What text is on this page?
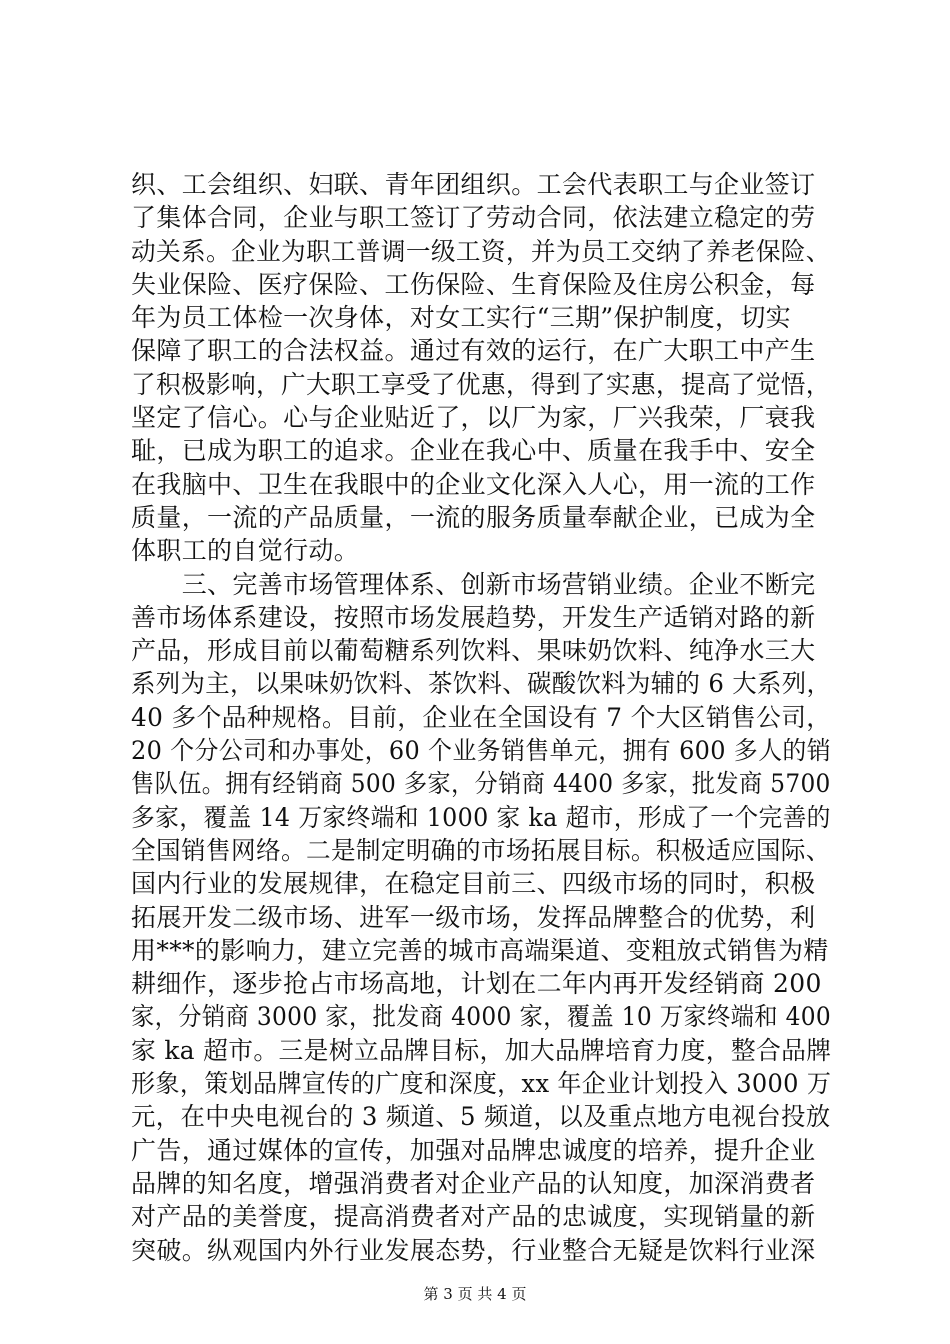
织、工会组织、妇联、青年团组织。工会代表职工与企业签订
了集体合同，企业与职工签订了劳动合同，依法建立稳定的劳
动关系。企业为职工普调一级工资，并为员工交纳了养老保险、
失业保险、医疗保险、工伤保险、生育保险及住房公积金，每
年为员工体检一次身体，对女工实行“三期”保护制度，切实
保障了职工的合法权益。通过有效的运行，在广大职工中产生
了积极影响，广大职工享受了优惠，得到了实惠，提高了觉悟，
坚定了信心。心与企业贴近了，以厂为家，厂兴我荣，厂衰我
耻，已成为职工的追求。企业在我心中、质量在我手中、安全
在我脑中、卫生在我眼中的企业文化深入人心，用一流的工作
质量，一流的产品质量，一流的服务质量奉献企业，已成为全
体职工的自觉行动。
　　三、完善市场管理体系、创新市场营销业绩。企业不断完
善市场体系建设，按照市场发展趋势，开发生产适销对路的新
产品，形成目前以葡萄糖系列饮料、果味奶饮料、纯净水三大
系列为主，以果味奶饮料、茶饮料、碳酸饮料为辅的 6 大系列，
40 多个品种规格。目前，企业在全国设有 7 个大区销售公司，
20 个分公司和办事处，60 个业务销售单元，拥有 600 多人的销
售队伍。拥有经销商 500 多家，分销商 4400 多家，批发商 5700
多家，覆盖 14 万家终端和 1000 家 ka 超市，形成了一个完善的
全国销售网络。二是制定明确的市场拓展目标。积极适应国际、
国内行业的发展规律，在稳定目前三、四级市场的同时，积极
拓展开发二级市场、进军一级市场，发挥品牌整合的优势，利
用***的影响力，建立完善的城市高端渠道、变粗放式销售为精
耕细作，逐步抢占市场高地，计划在二年内再开发经销商 200
家，分销商 3000 家，批发商 4000 家，覆盖 10 万家终端和 400
家 ka 超市。三是树立品牌目标，加大品牌培育力度，整合品牌
形象，策划品牌宣传的广度和深度，xx 年企业计划投入 3000 万
元，在中央电视台的 3 频道、5 频道，以及重点地方电视台投放
广告，通过媒体的宣传，加强对品牌忠诚度的培养，提升企业
品牌的知名度，增强消费者对企业产品的认知度，加深消费者
对产品的美誉度，提高消费者对产品的忠诚度，实现销量的新
突破。纵观国内外行业发展态势，行业整合无疑是饮料行业深
第 3 页 共 4 页
